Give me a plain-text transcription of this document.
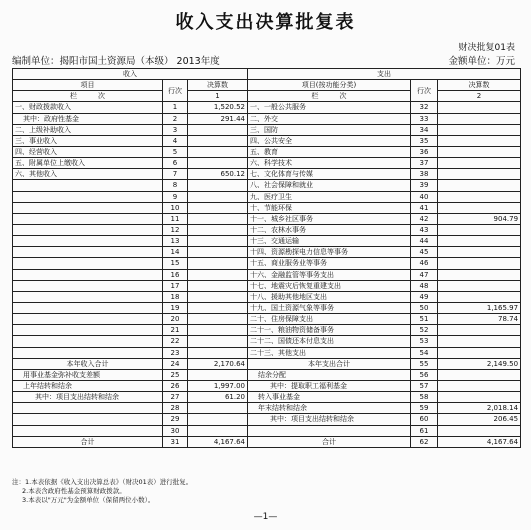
收入支出决算批复表
财决批复01表
编制单位：揭阳市国土资源局（本级） 2013年度	金额单位：万元
收入			支出		
项目	行次	决算数	项目(按功能分类)	行次	决算数
栏　　　 次		1	栏　　　 次		2
一、财政拨款收入	1	1,520.52	一、一般公共服务	32	
其中：政府性基金	2	291.44	二、外交	33	
二、上级补助收入	3		三、国防	34	
三、事业收入	4		四、公共安全	35	
四、经营收入	5		五、教育	36	
五、附属单位上缴收入	6		六、科学技术	37	
六、其他收入	7	650.12	七、文化体育与传媒	38	
	8		八、社会保障和就业	39	
	9		九、医疗卫生	40	
	10		十、节能环保	41	
	11		十一、城乡社区事务	42	904.79
	12		十二、农林水事务	43	
	13		十三、交通运输	44	
	14		十四、资源勘探电力信息等事务	45	
	15		十五、商业服务业等事务	46	
	16		十六、金融监管等事务支出	47	
	17		十七、地震灾后恢复重建支出	48	
	18		十八、援助其他地区支出	49	
	19		十九、国土资源气象等事务	50	1,165.97
	20		二十、住房保障支出	51	78.74
	21		二十一、粮油物资储备事务	52	
	22		二十二、国债还本付息支出	53	
	23		二十三、其他支出	54	
本年收入合计	24	2,170.64	本年支出合计	55	2,149.50
用事业基金弥补收支差额	25		结余分配	56	
上年结转和结余	26	1,997.00	其中：提取职工福利基金	57	
其中：项目支出结转和结余	27	61.20	转入事业基金	58	
	28		年末结转和结余	59	2,018.14
	29		其中：项目支出结转和结余	60	206.45
	30			61	
合计	31	4,167.64	合计	62	4,167.64
注：1.本表依据《收入支出决算总表》（财决01表）进行批复。
2.本表含政府性基金预算财政拨款。
3.本表以"万元"为金额单位（保留两位小数）。
—1—
